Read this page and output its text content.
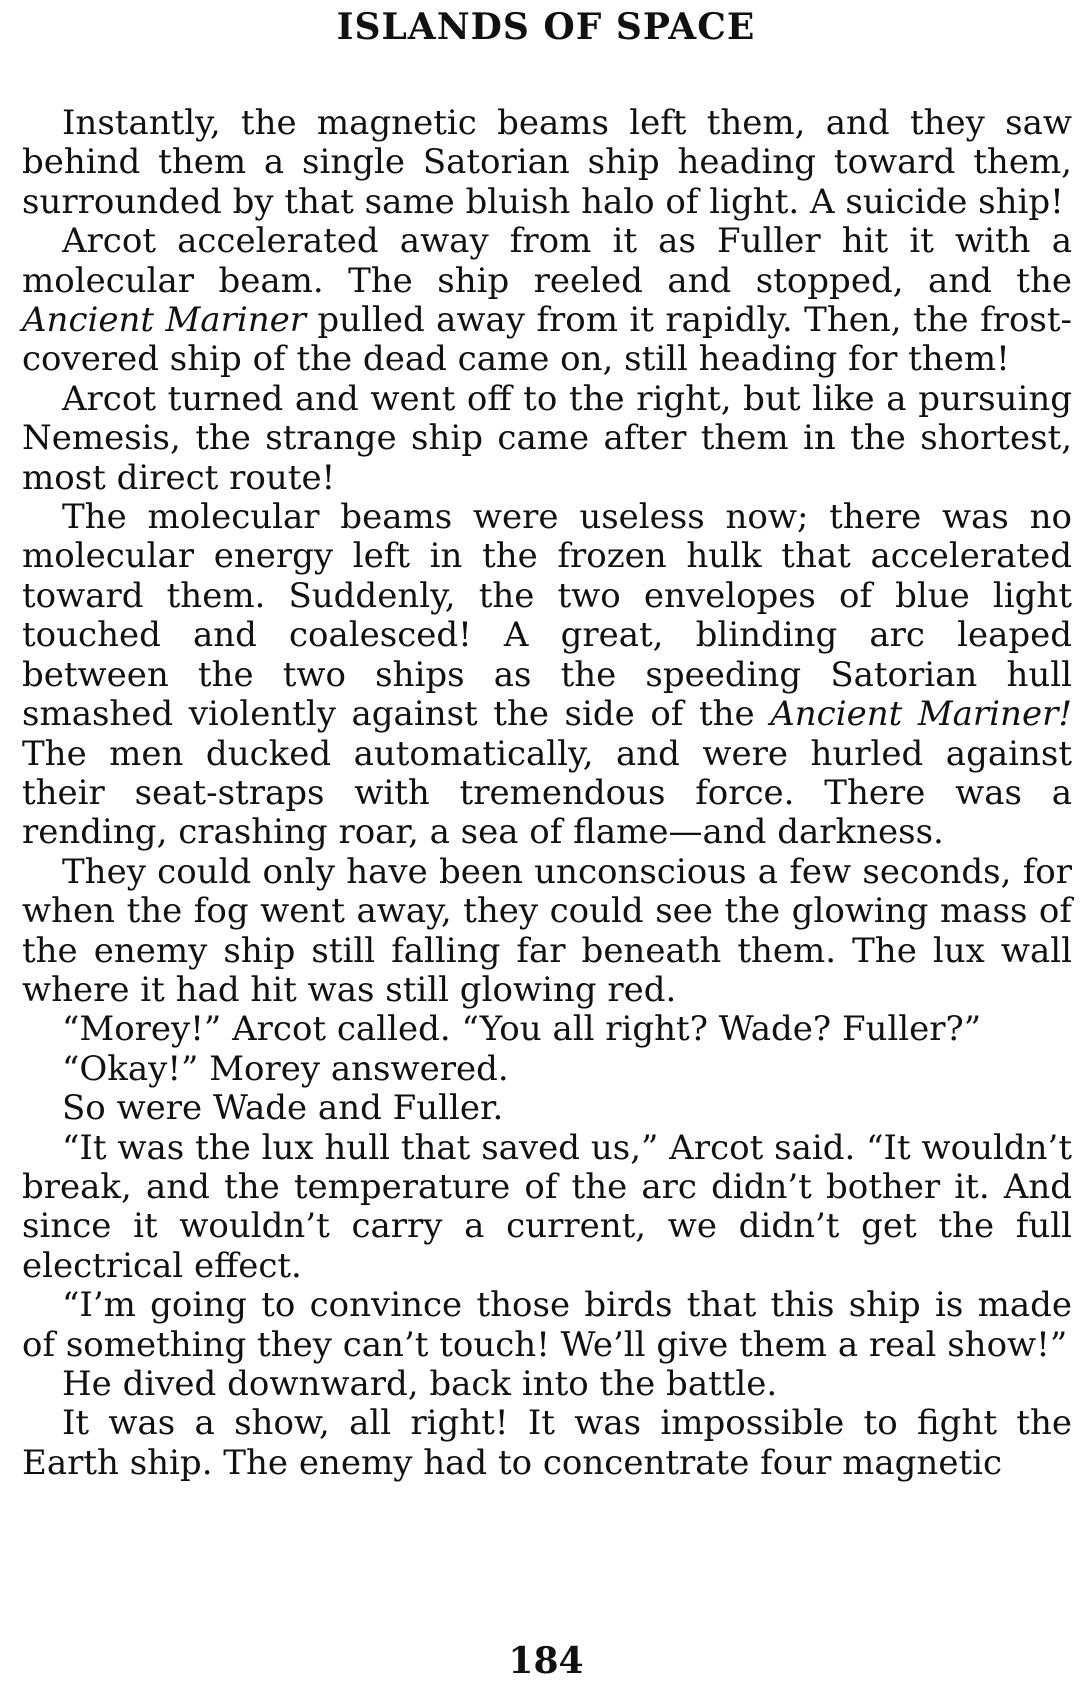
ISLANDS OF SPACE

Instantly, the magnetic beams left them, and they saw behind them a single Satorian ship heading toward them, surrounded by that same bluish halo of light. A suicide ship!

Arcot accelerated away from it as Fuller hit it with a molecular beam. The ship reeled and stopped, and the Ancient Mariner pulled away from it rapidly. Then, the frost-covered ship of the dead came on, still heading for them!

Arcot turned and went off to the right, but like a pursuing Nemesis, the strange ship came after them in the shortest, most direct route!

The molecular beams were useless now; there was no molecular energy left in the frozen hulk that accelerated toward them. Suddenly, the two envelopes of blue light touched and coalesced! A great, blinding arc leaped between the two ships as the speeding Satorian hull smashed violently against the side of the Ancient Mariner! The men ducked automatically, and were hurled against their seat-straps with tremendous force. There was a rending, crashing roar, a sea of flame—and darkness.

They could only have been unconscious a few seconds, for when the fog went away, they could see the glowing mass of the enemy ship still falling far beneath them. The lux wall where it had hit was still glowing red.

“Morey!” Arcot called. “You all right? Wade? Fuller?”

“Okay!” Morey answered.

So were Wade and Fuller.

“It was the lux hull that saved us,” Arcot said. “It wouldn’t break, and the temperature of the arc didn’t bother it. And since it wouldn’t carry a current, we didn’t get the full electrical effect.

“I’m going to convince those birds that this ship is made of something they can’t touch! We’ll give them a real show!”

He dived downward, back into the battle.

It was a show, all right! It was impossible to fight the Earth ship. The enemy had to concentrate four magnetic

184
